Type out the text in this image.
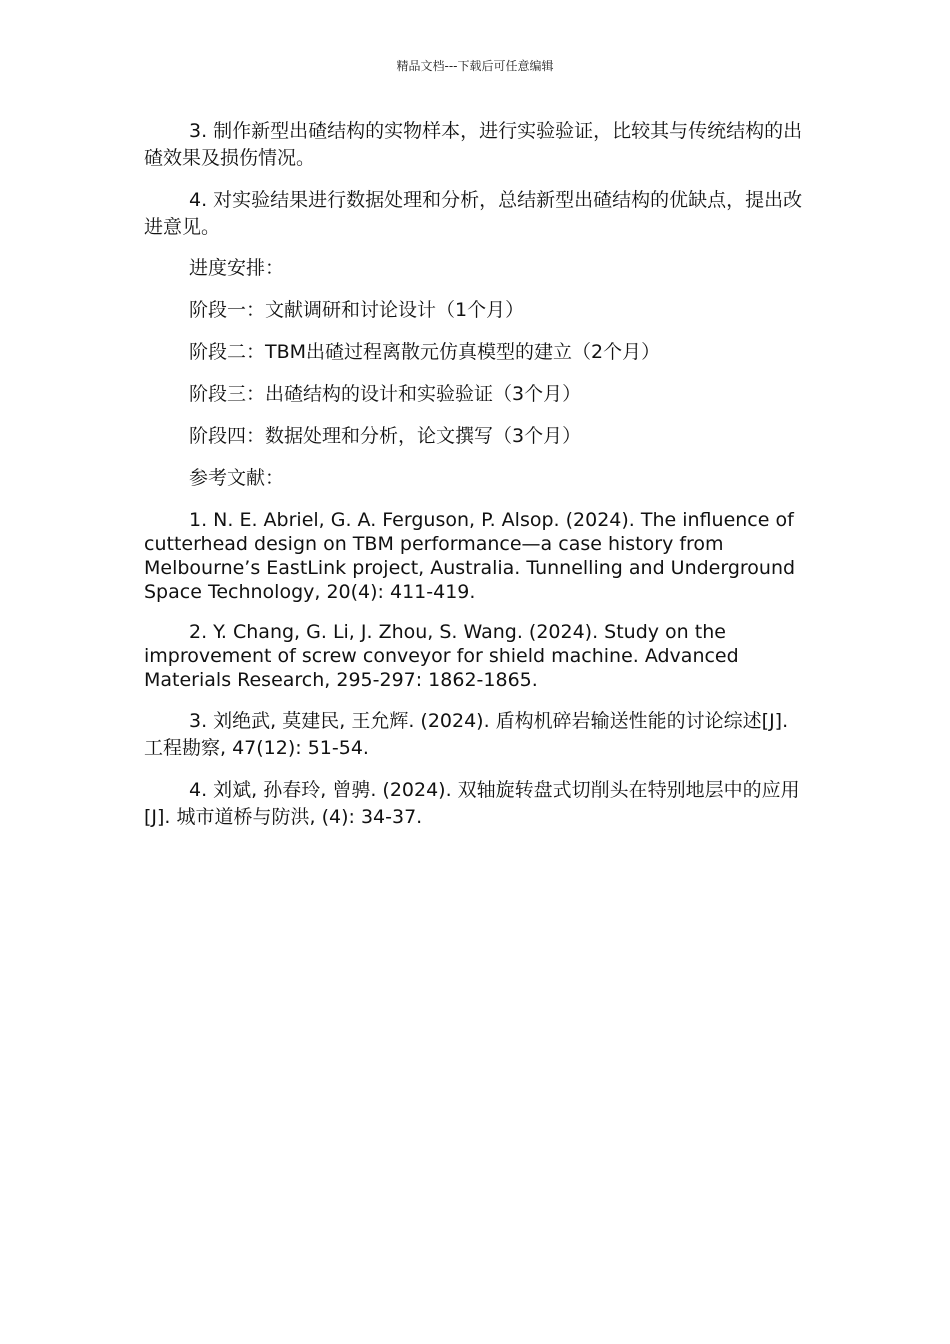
精品文档---下载后可任意编辑

3. 制作新型出碴结构的实物样本，进行实验验证，比较其与传统结构的出碴效果及损伤情况。

4. 对实验结果进行数据处理和分析，总结新型出碴结构的优缺点，提出改进意见。

进度安排：

阶段一：文献调研和讨论设计（1个月）

阶段二：TBM出碴过程离散元仿真模型的建立（2个月）

阶段三：出碴结构的设计和实验验证（3个月）

阶段四：数据处理和分析，论文撰写（3个月）

参考文献：

1. N. E. Abriel, G. A. Ferguson, P. Alsop. (2024). The influence of cutterhead design on TBM performance—a case history from Melbourne’s EastLink project, Australia. Tunnelling and Underground Space Technology, 20(4): 411-419.

2. Y. Chang, G. Li, J. Zhou, S. Wang. (2024). Study on the improvement of screw conveyor for shield machine. Advanced Materials Research, 295-297: 1862-1865.

3. 刘绝武, 莫建民, 王允辉. (2024). 盾构机碎岩输送性能的讨论综述[J]. 工程勘察, 47(12): 51-54.

4. 刘斌, 孙春玲, 曾骋. (2024). 双轴旋转盘式切削头在特别地层中的应用[J]. 城市道桥与防洪, (4): 34-37.
